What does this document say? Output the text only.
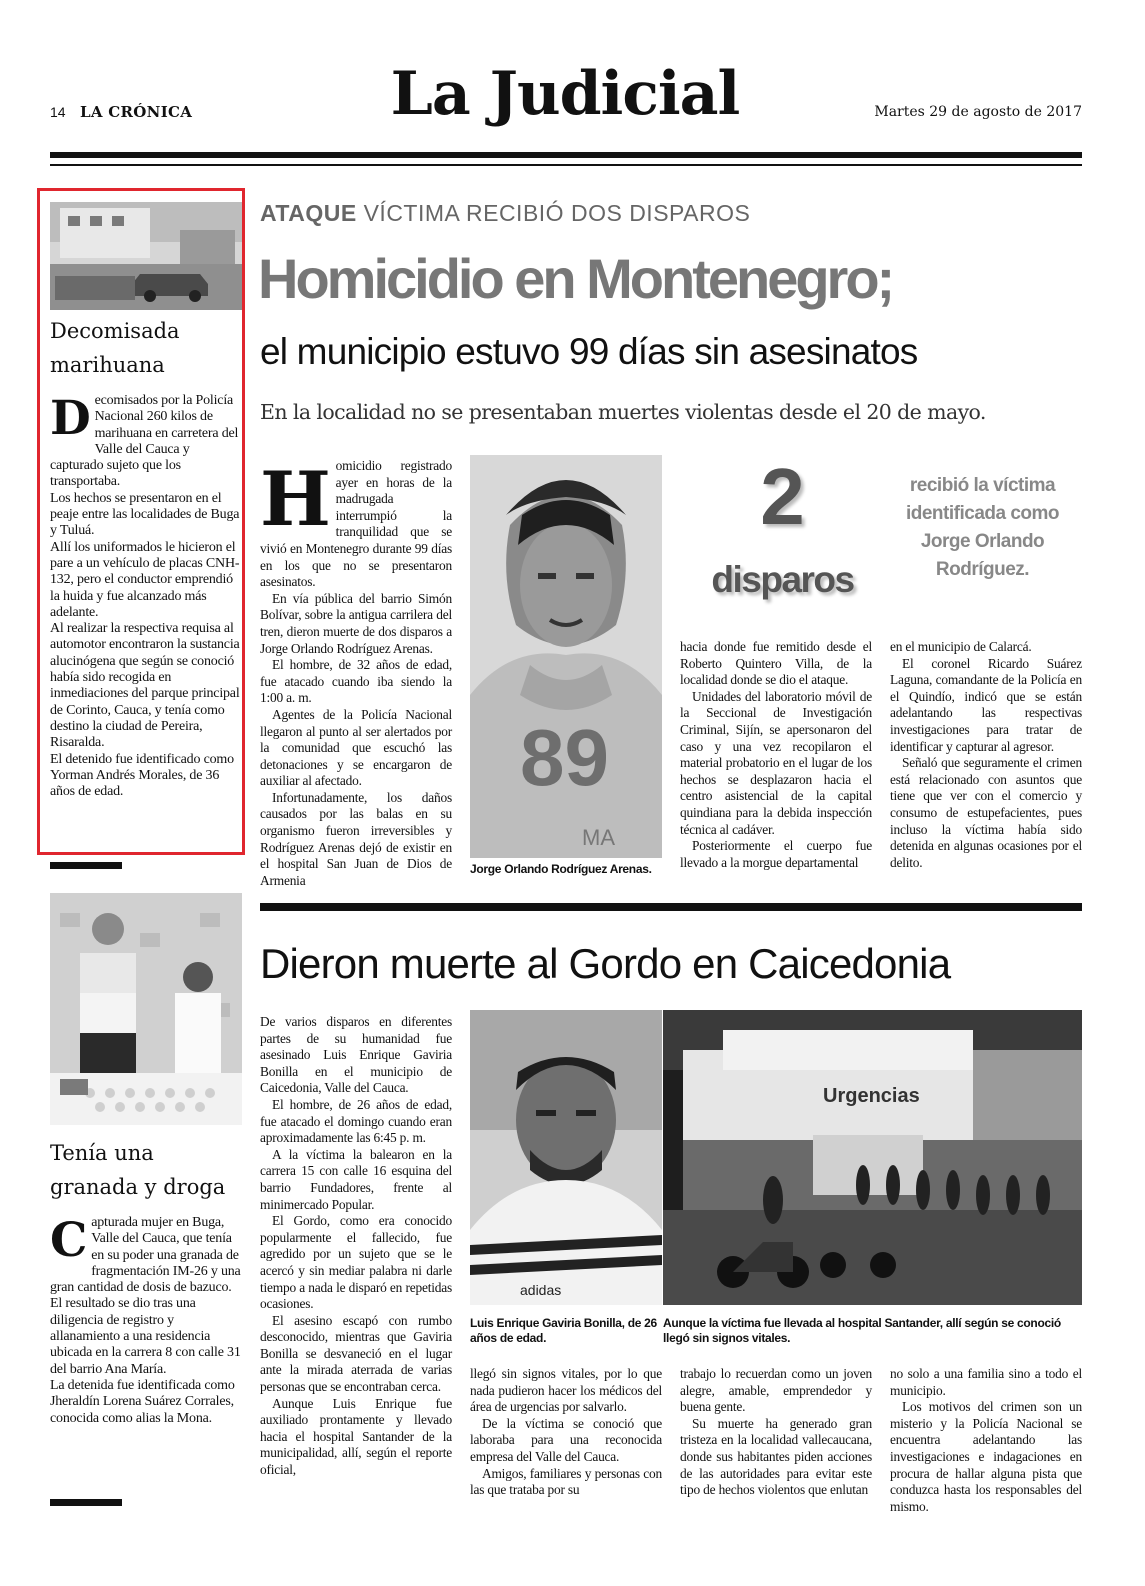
14 LA CRÓNICA	La Judicial	Martes 29 de agosto de 2017
Decomisada marihuana
D ecomisados por la Policía Nacional 260 kilos de marihuana en carretera del Valle del Cauca y capturado sujeto que los transportaba.

Los hechos se presentaron en el peaje entre las localidades de Buga y Tuluá.

Allí los uniformados le hicieron el pare a un vehículo de placas CNH-132, pero el conductor emprendió la huida y fue alcanzado más adelante.

Al realizar la respectiva requisa al automotor encontraron la sustancia alucinógena que según se conoció había sido recogida en inmediaciones del parque principal de Corinto, Cauca, y tenía como destino la ciudad de Pereira, Risaralda.

El detenido fue identificado como Yorman Andrés Morales, de 36 años de edad.

Tenía una granada y droga
C apturada mujer en Buga, Valle del Cauca, que tenía en su poder una granada de fragmentación IM-26 y una gran cantidad de dosis de bazuco.

El resultado se dio tras una diligencia de registro y allanamiento a una residencia ubicada en la carrera 8 con calle 31 del barrio Ana María.

La detenida fue identificada como Jheraldín Lorena Suárez Corrales, conocida como alias la Mona.

ATAQUE VÍCTIMA RECIBIÓ DOS DISPAROS
Homicidio en Montenegro;
el municipio estuvo 99 días sin asesinatos
En la localidad no se presentaban muertes violentas desde el 20 de mayo.
H omicidio registrado ayer en horas de la madrugada interrumpió la tranquilidad que se vivió en Montenegro durante 99 días en los que no se presentaron asesinatos.

En vía pública del barrio Simón Bolívar, sobre la antigua carrilera del tren, dieron muerte de dos disparos a Jorge Orlando Rodríguez Arenas.

El hombre, de 32 años de edad, fue atacado cuando iba siendo la 1:00 a. m.

Agentes de la Policía Nacional llegaron al punto al ser alertados por la comunidad que escuchó las detonaciones y se encargaron de auxiliar al afectado.

Infortunadamente, los daños causados por las balas en su organismo fueron irreversibles y Rodríguez Arenas dejó de existir en el hospital San Juan de Dios de Armenia

89
MA
Jorge Orlando Rodríguez Arenas.
2
disparos
recibió la víctima identificada como Jorge Orlando Rodríguez.

hacia donde fue remitido desde el Roberto Quintero Villa, de la localidad donde se dio el ataque.

Unidades del laboratorio móvil de la Seccional de Investigación Criminal, Sijín, se apersonaron del caso y una vez recopilaron el material probatorio en el lugar de los hechos se desplazaron hacia el centro asistencial de la capital quindiana para la debida inspección técnica al cadáver.

Posteriormente el cuerpo fue llevado a la morgue departamental

en el municipio de Calarcá.

El coronel Ricardo Suárez Laguna, comandante de la Policía en el Quindío, indicó que se están adelantando las respectivas investigaciones para tratar de identificar y capturar al agresor.

Señaló que seguramente el crimen está relacionado con asuntos que tiene que ver con el comercio y consumo de estupefacientes, pues incluso la víctima había sido detenida en algunas ocasiones por el delito.

Dieron muerte al Gordo en Caicedonia

De varios disparos en diferentes partes de su humanidad fue asesinado Luis Enrique Gaviria Bonilla en el municipio de Caicedonia, Valle del Cauca.

El hombre, de 26 años de edad, fue atacado el domingo cuando eran aproximadamente las 6:45 p. m.

A la víctima la balearon en la carrera 15 con calle 16 esquina del barrio Fundadores, frente al minimercado Popular.

El Gordo, como era conocido popularmente el fallecido, fue agredido por un sujeto que se le acercó y sin mediar palabra ni darle tiempo a nada le disparó en repetidas ocasiones.

El asesino escapó con rumbo desconocido, mientras que Gaviria Bonilla se desvaneció en el lugar ante la mirada aterrada de varias personas que se encontraban cerca.

Aunque Luis Enrique fue auxiliado prontamente y llevado hacia el hospital Santander de la municipalidad, allí, según el reporte oficial,

adidas
Luis Enrique Gaviria Bonilla, de 26 años de edad.
Urgencias
Aunque la víctima fue llevada al hospital Santander, allí según se conoció llegó sin signos vitales.

llegó sin signos vitales, por lo que nada pudieron hacer los médicos del área de urgencias por salvarlo.

De la víctima se conoció que laboraba para una reconocida empresa del Valle del Cauca.

Amigos, familiares y personas con las que trataba por su

trabajo lo recuerdan como un joven alegre, amable, emprendedor y buena gente.

Su muerte ha generado gran tristeza en la localidad vallecaucana, donde sus habitantes piden acciones de las autoridades para evitar este tipo de hechos violentos que enlutan

no solo a una familia sino a todo el municipio.

Los motivos del crimen son un misterio y la Policía Nacional se encuentra adelantando las investigaciones e indagaciones en procura de hallar alguna pista que conduzca hasta los responsables del mismo.
